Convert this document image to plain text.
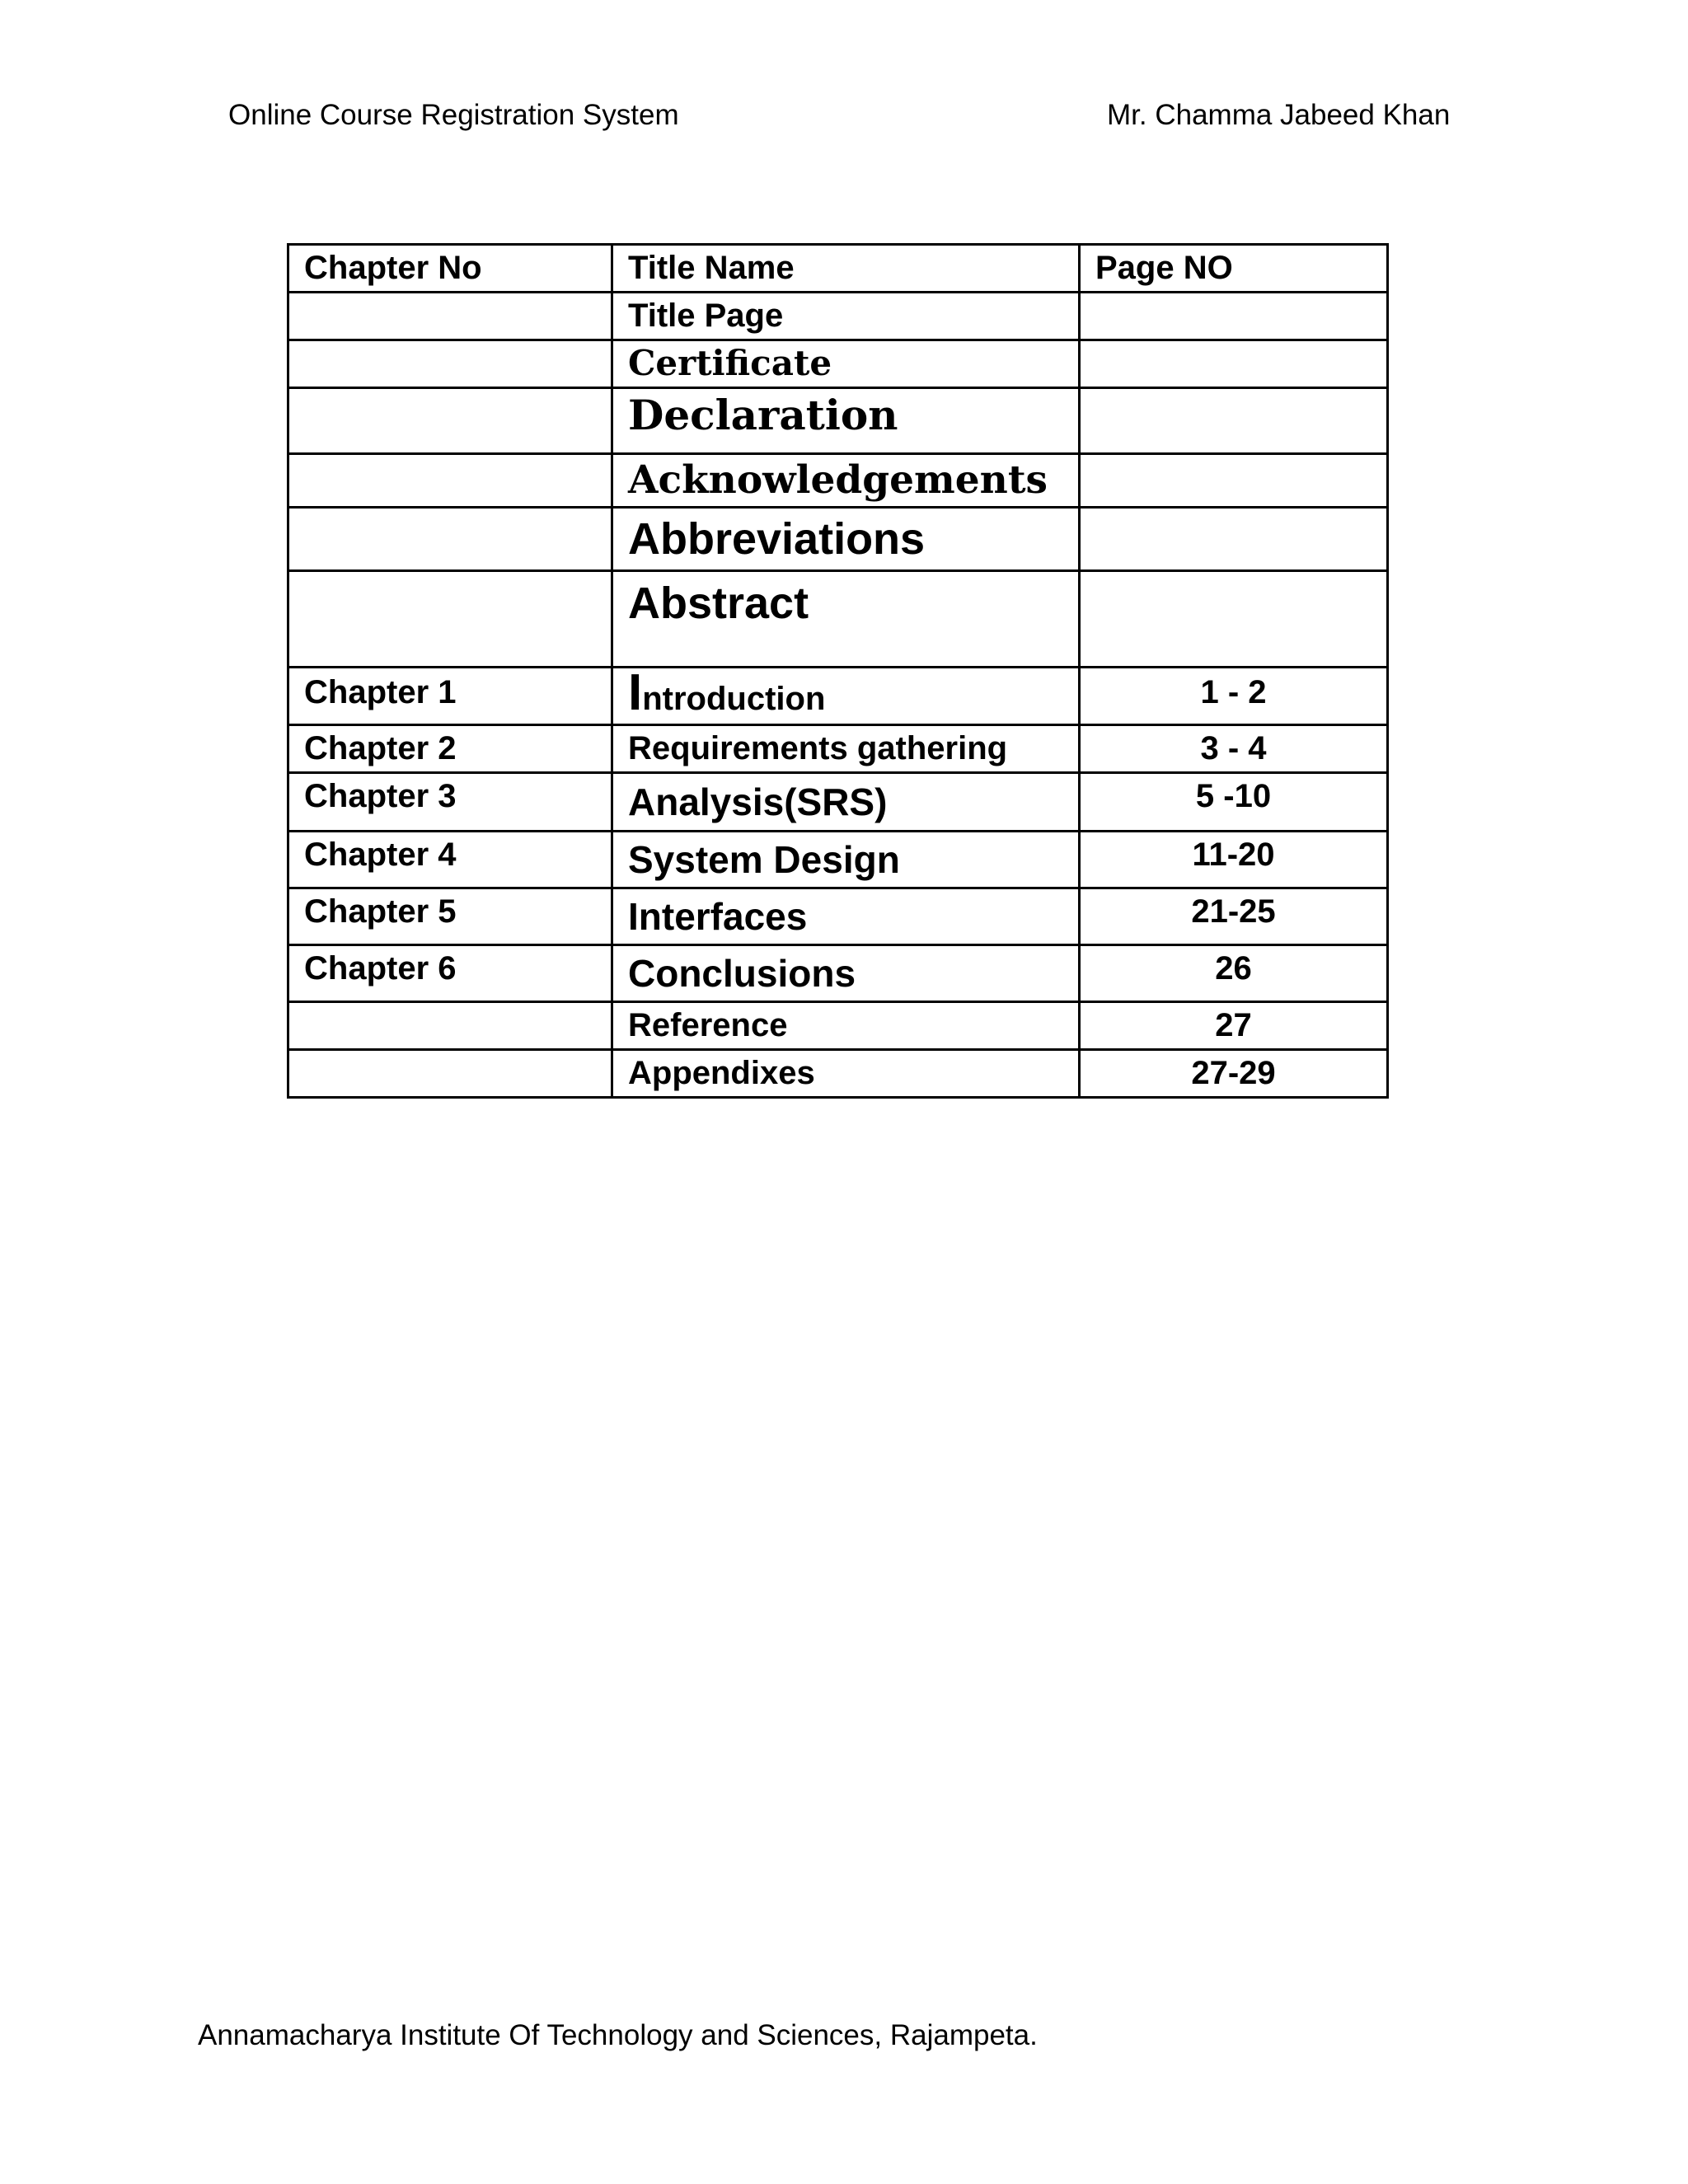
Online Course Registration System	Mr. Chamma Jabeed Khan
Chapter No	Title Name	Page NO
	Title Page	
	Certificate	
	Declaration	
	Acknowledgements	
	Abbreviations	
	Abstract	
Chapter 1	Introduction	1 - 2
Chapter 2	Requirements gathering	3 - 4
Chapter 3	Analysis(SRS)	5 -10
Chapter 4	System Design	11-20
Chapter 5	Interfaces	21-25
Chapter 6	Conclusions	26
	Reference	27
	Appendixes	27-29
Annamacharya Institute Of Technology and Sciences, Rajampeta.
